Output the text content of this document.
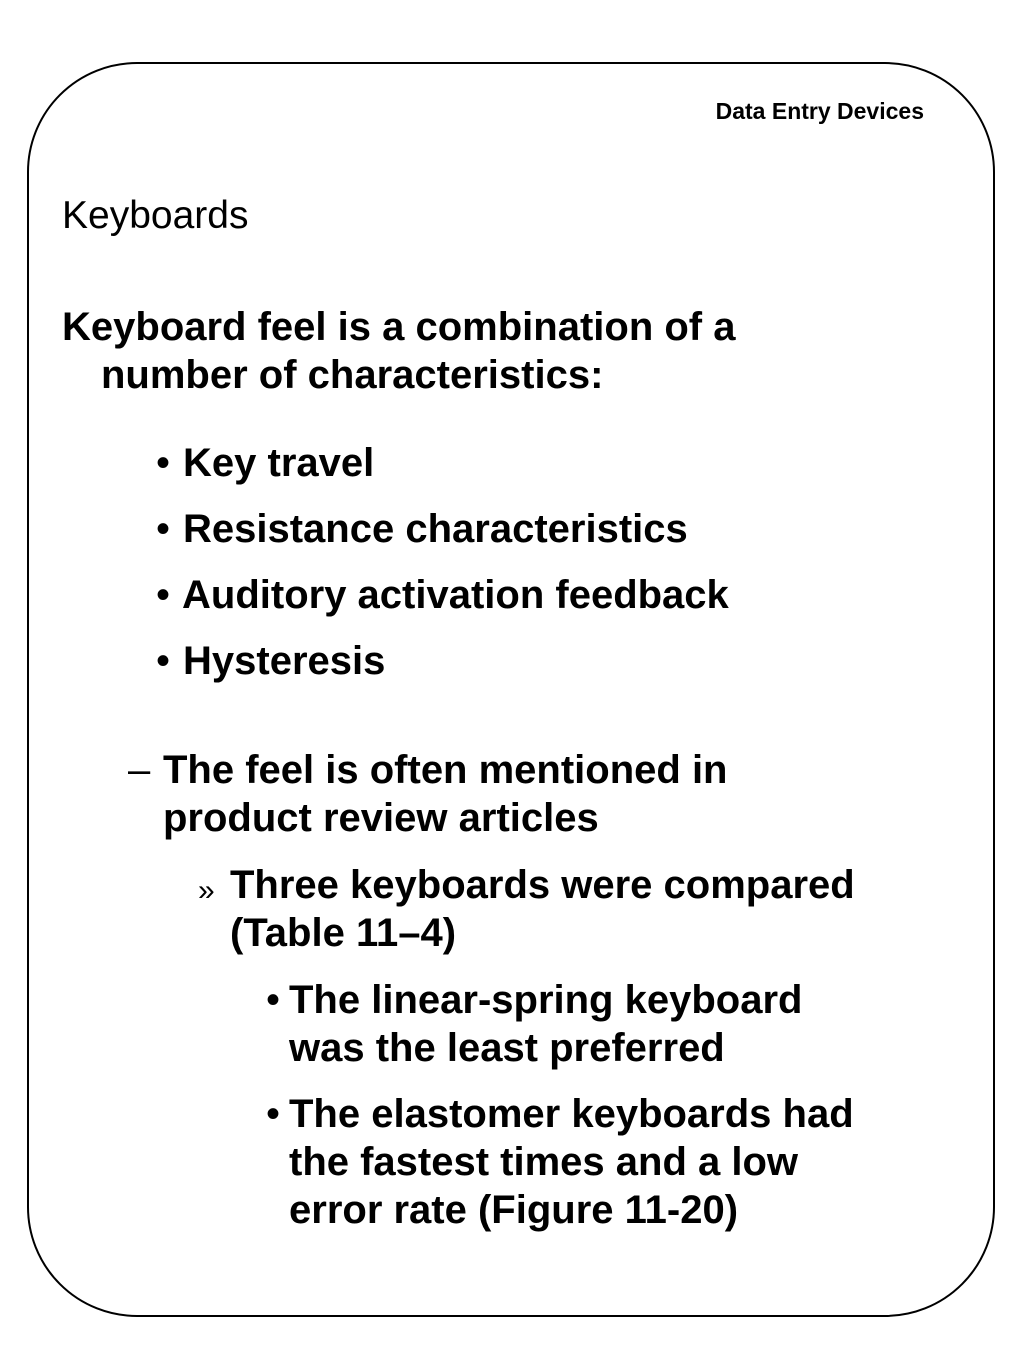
Data Entry Devices
Keyboards
Keyboard feel is a combination of a
number of characteristics:
• Key travel
• Resistance characteristics
• Auditory activation feedback
• Hysteresis
– The feel is often mentioned in
product review articles
» Three keyboards were compared
(Table 11–4)
• The linear-spring keyboard
was the least preferred
• The elastomer keyboards had
the fastest times and a low
error rate (Figure 11-20)
